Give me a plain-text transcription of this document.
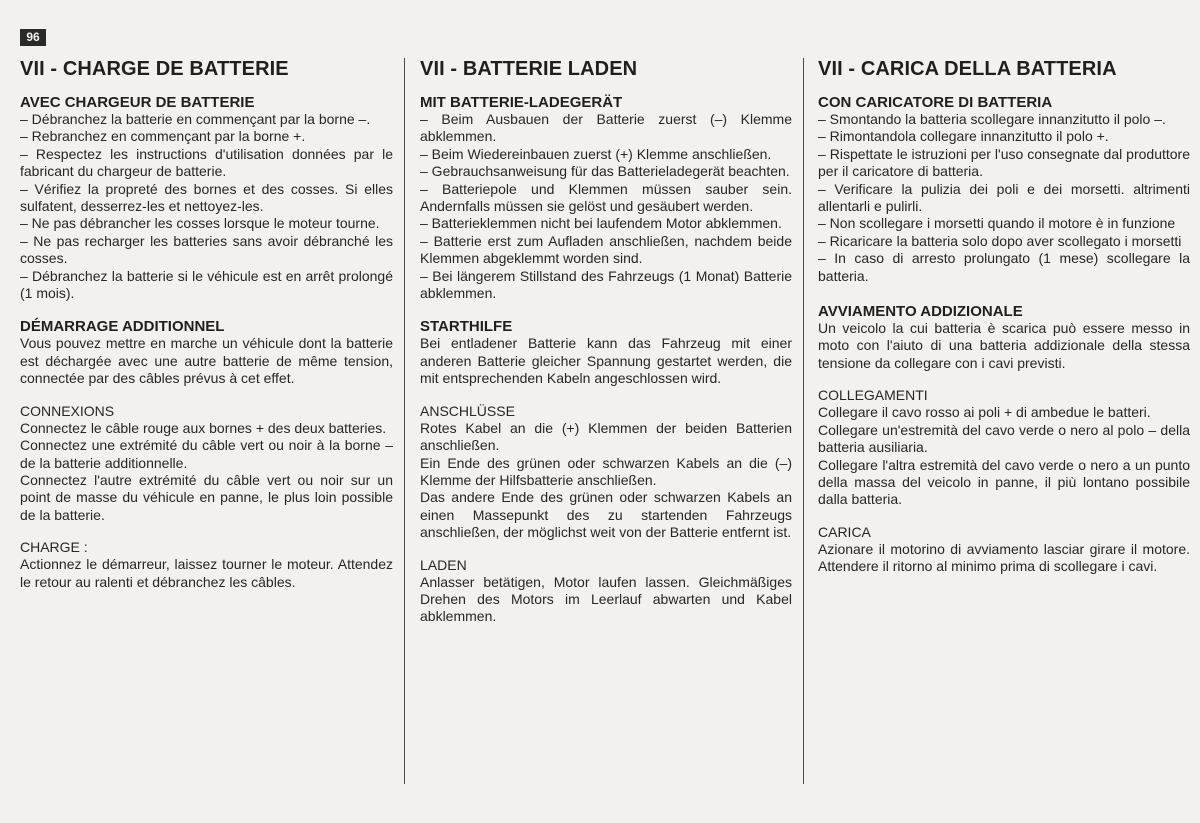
96
VII - CHARGE DE BATTERIE
AVEC CHARGEUR DE BATTERIE

– Débranchez la batterie en commençant par la borne –.

– Rebranchez en commençant par la borne +.

– Respectez les instructions d'utilisation données par le fabricant du chargeur de batterie.

– Vérifiez la propreté des bornes et des cosses. Si elles sulfatent, desserrez-les et nettoyez-les.

– Ne pas débrancher les cosses lorsque le moteur tourne.

– Ne pas recharger les batteries sans avoir débranché les cosses.

– Débranchez la batterie si le véhicule est en arrêt prolongé (1 mois).

DÉMARRAGE ADDITIONNEL

Vous pouvez mettre en marche un véhicule dont la batterie est déchargée avec une autre batterie de même tension, connectée par des câbles prévus à cet effet.

CONNEXIONS

Connectez le câble rouge aux bornes + des deux batteries.

Connectez une extrémité du câble vert ou noir à la borne – de la batterie additionnelle.

Connectez l'autre extrémité du câble vert ou noir sur un point de masse du véhicule en panne, le plus loin possible de la batterie.

CHARGE :

Actionnez le démarreur, laissez tourner le moteur. Attendez le retour au ralenti et débranchez les câbles.

VII - BATTERIE LADEN
MIT BATTERIE-LADEGERÄT

– Beim Ausbauen der Batterie zuerst (–) Klemme abklemmen.

– Beim Wiedereinbauen zuerst (+) Klemme anschließen.

– Gebrauchsanweisung für das Batterieladegerät beachten.

– Batteriepole und Klemmen müssen sauber sein. Andernfalls müssen sie gelöst und gesäubert werden.

– Batterieklemmen nicht bei laufendem Motor abklemmen.

– Batterie erst zum Aufladen anschließen, nachdem beide Klemmen abgeklemmt worden sind.

– Bei längerem Stillstand des Fahrzeugs (1 Monat) Batterie abklemmen.

STARTHILFE

Bei entladener Batterie kann das Fahrzeug mit einer anderen Batterie gleicher Spannung gestartet werden, die mit entsprechenden Kabeln angeschlossen wird.

ANSCHLÜSSE

Rotes Kabel an die (+) Klemmen der beiden Batterien anschließen.

Ein Ende des grünen oder schwarzen Kabels an die (–) Klemme der Hilfsbatterie anschließen.

Das andere Ende des grünen oder schwarzen Kabels an einen Massepunkt des zu startenden Fahrzeugs anschließen, der möglichst weit von der Batterie entfernt ist.

LADEN

Anlasser betätigen, Motor laufen lassen. Gleichmäßiges Drehen des Motors im Leerlauf abwarten und Kabel abklemmen.

VII - CARICA DELLA BATTERIA
CON CARICATORE DI BATTERIA

– Smontando la batteria scollegare innanzitutto il polo –.

– Rimontandola collegare innanzitutto il polo +.

– Rispettate le istruzioni per l'uso consegnate dal produttore per il caricatore di batteria.

– Verificare la pulizia dei poli e dei morsetti. altrimenti allentarli e pulirli.

– Non scollegare i morsetti quando il motore è in funzione

– Ricaricare la batteria solo dopo aver scollegato i morsetti

– In caso di arresto prolungato (1 mese) scollegare la batteria.

AVVIAMENTO ADDIZIONALE

Un veicolo la cui batteria è scarica può essere messo in moto con l'aiuto di una batteria addizionale della stessa tensione da collegare con i cavi previsti.

COLLEGAMENTI

Collegare il cavo rosso ai poli + di ambedue le batteri.

Collegare un'estremità del cavo verde o nero al polo – della batteria ausiliaria.

Collegare l'altra estremità del cavo verde o nero a un punto della massa del veicolo in panne, il più lontano possibile dalla batteria.

CARICA

Azionare il motorino di avviamento lasciar girare il motore. Attendere il ritorno al minimo prima di scollegare i cavi.
